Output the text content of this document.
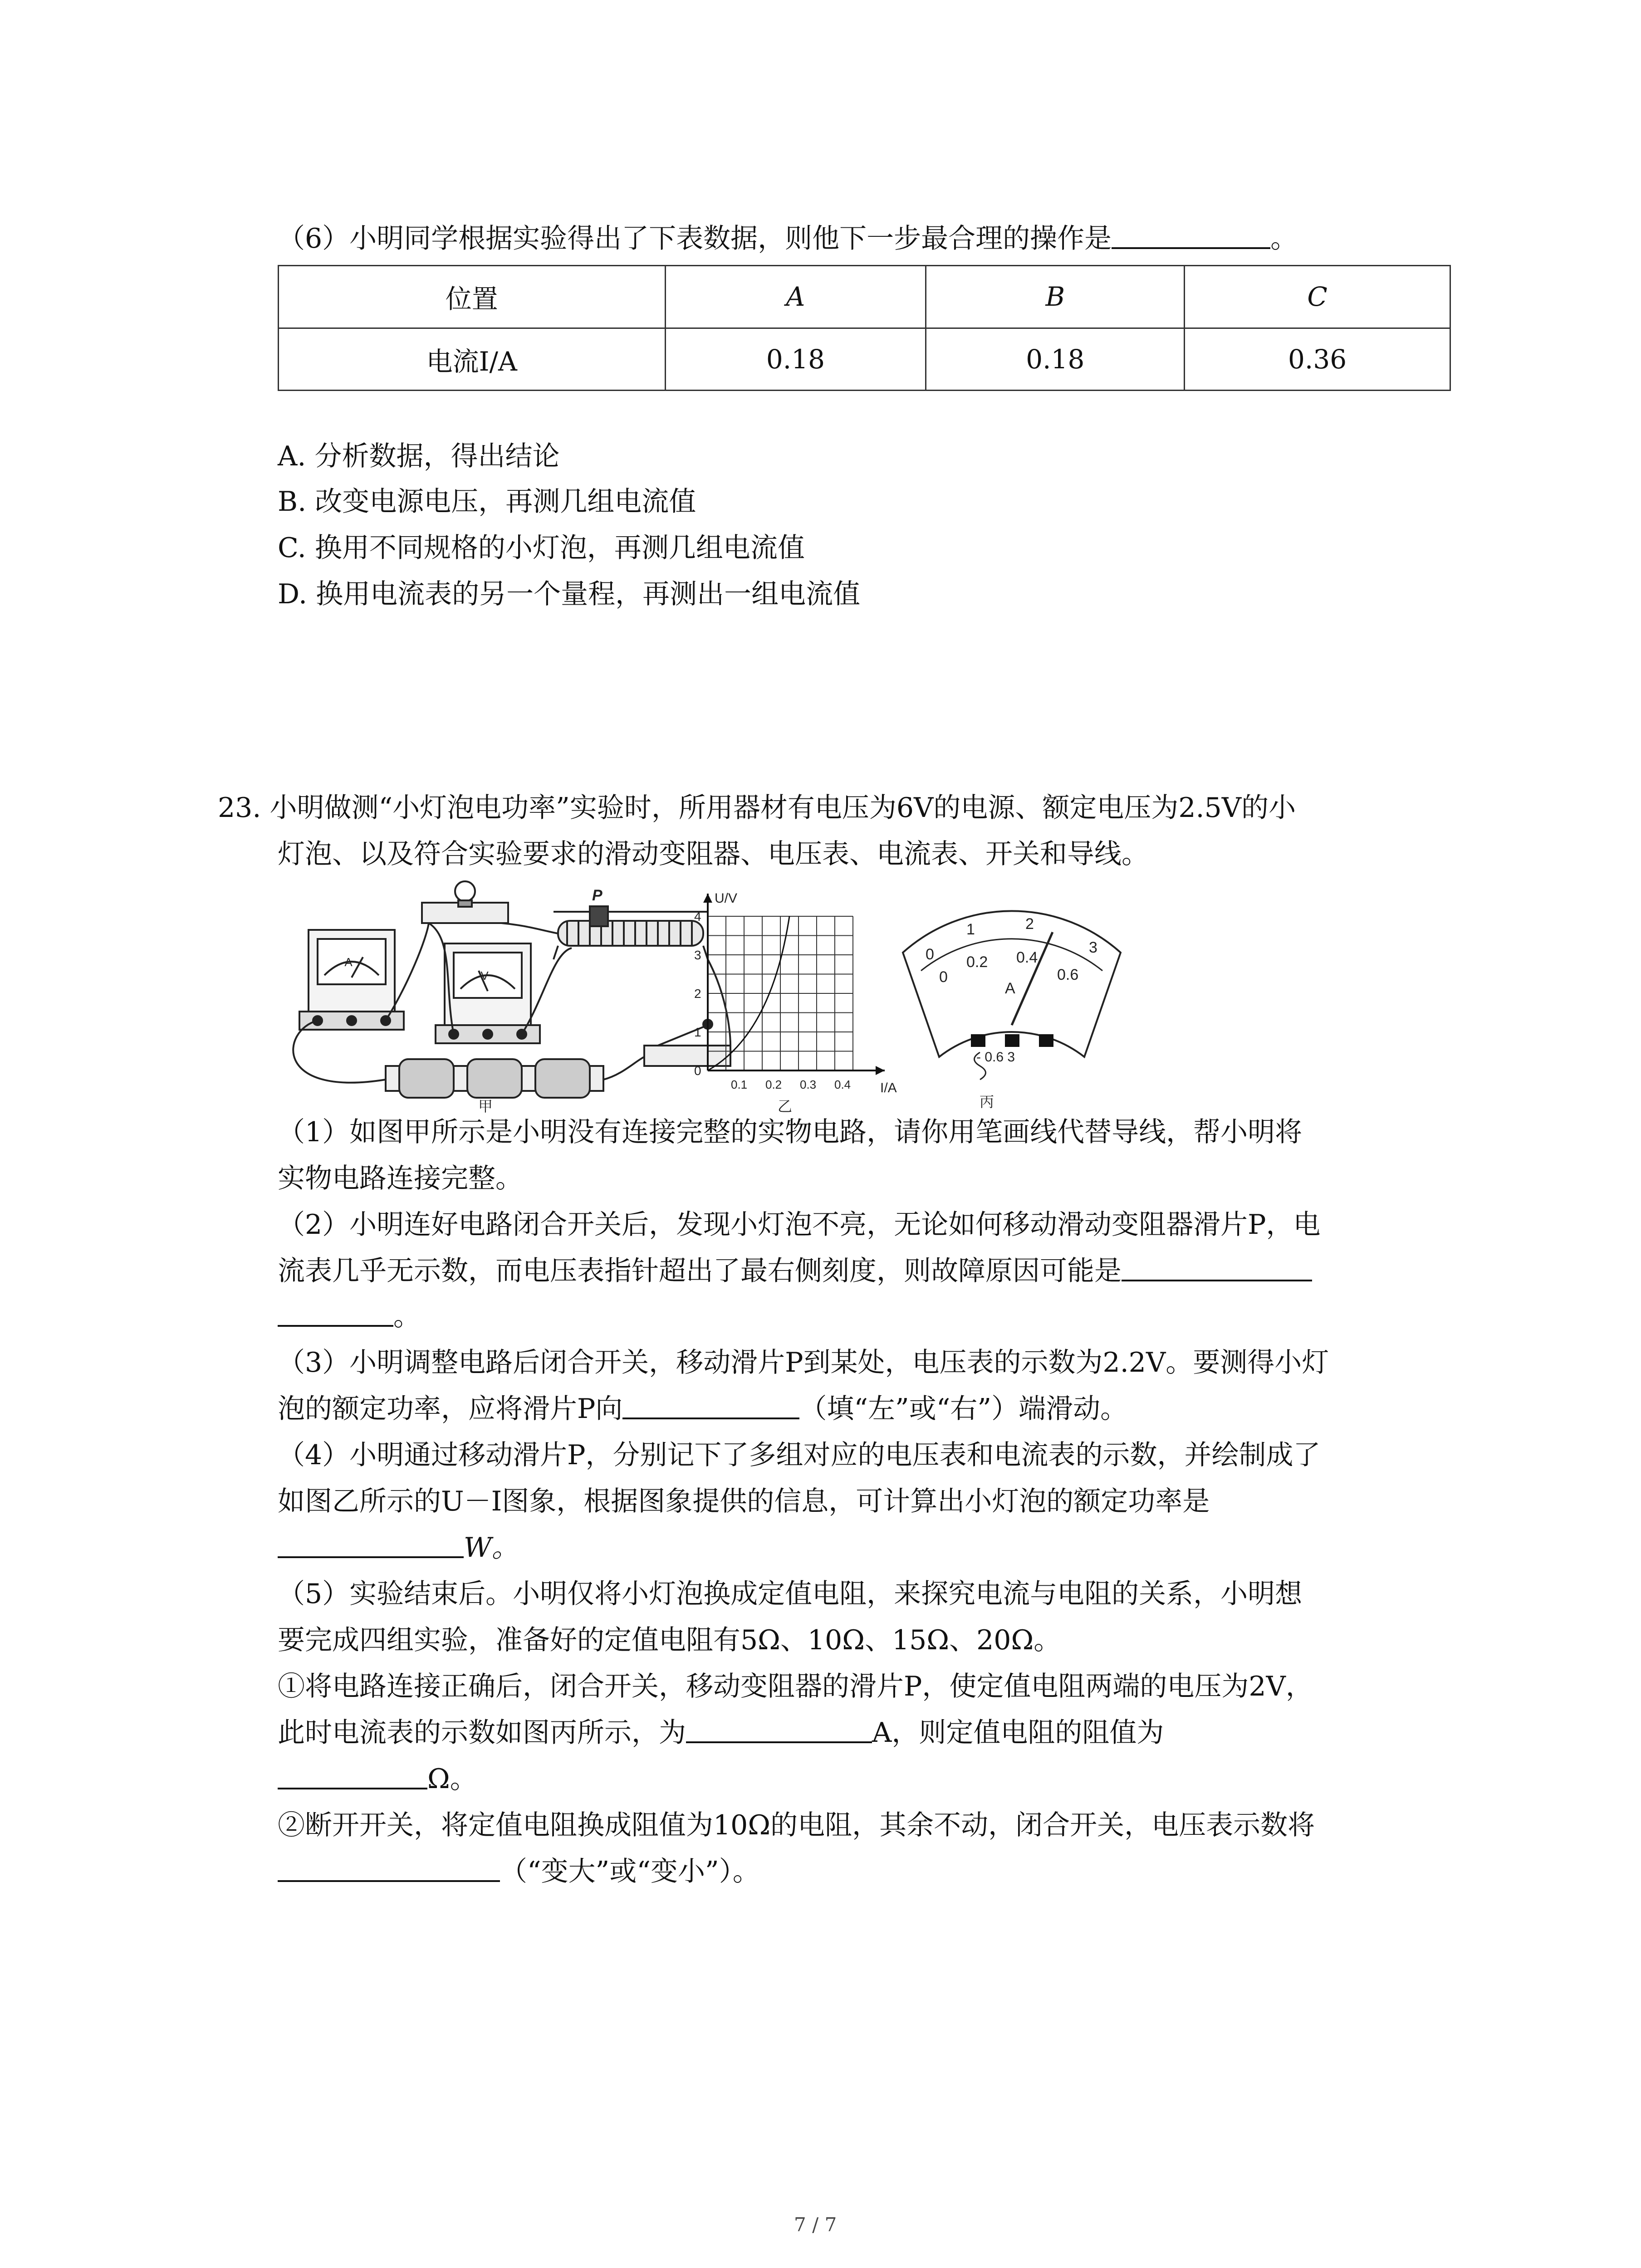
（6）小明同学根据实验得出了下表数据，则他下一步最合理的操作是	。
位置	A	B	C
电流I/A	0.18	0.18	0.36
A. 分析数据，得出结论
B. 改变电源电压，再测几组电流值
C. 换用不同规格的小灯泡，再测几组电流值
D. 换用电流表的另一个量程，再测出一组电流值
23. 小明做测“小灯泡电功率”实验时，所用器材有电压为6V的电源、额定电压为2.5V的小
灯泡、以及符合实验要求的滑动变阻器、电压表、电流表、开关和导线。
P
A
V
甲
U/V
I/A
0
1
2
3
4
0.1 0.2 0.3 0.4
乙
0
1	2
3
0
0.2 0.4
0.6
A
- 0.6 3
丙
（1）如图甲所示是小明没有连接完整的实物电路，请你用笔画线代替导线，帮小明将
实物电路连接完整。
（2）小明连好电路闭合开关后，发现小灯泡不亮，无论如何移动滑动变阻器滑片P，电
流表几乎无示数，而电压表指针超出了最右侧刻度，则故障原因可能是
。
（3）小明调整电路后闭合开关，移动滑片P到某处，电压表的示数为2.2V。要测得小灯
泡的额定功率，应将滑片P向	（填“左”或“右”）端滑动。
（4）小明通过移动滑片P，分别记下了多组对应的电压表和电流表的示数，并绘制成了
如图乙所示的U－I图象，根据图象提供的信息，可计算出小灯泡的额定功率是
W。
（5）实验结束后。小明仅将小灯泡换成定值电阻，来探究电流与电阻的关系，小明想
要完成四组实验，准备好的定值电阻有5Ω、10Ω、15Ω、20Ω。
①将电路连接正确后，闭合开关，移动变阻器的滑片P，使定值电阻两端的电压为2V，
此时电流表的示数如图丙所示，为	A，则定值电阻的阻值为
Ω。
②断开开关，将定值电阻换成阻值为10Ω的电阻，其余不动，闭合开关，电压表示数将
（“变大”或“变小”）。
7 / 7
